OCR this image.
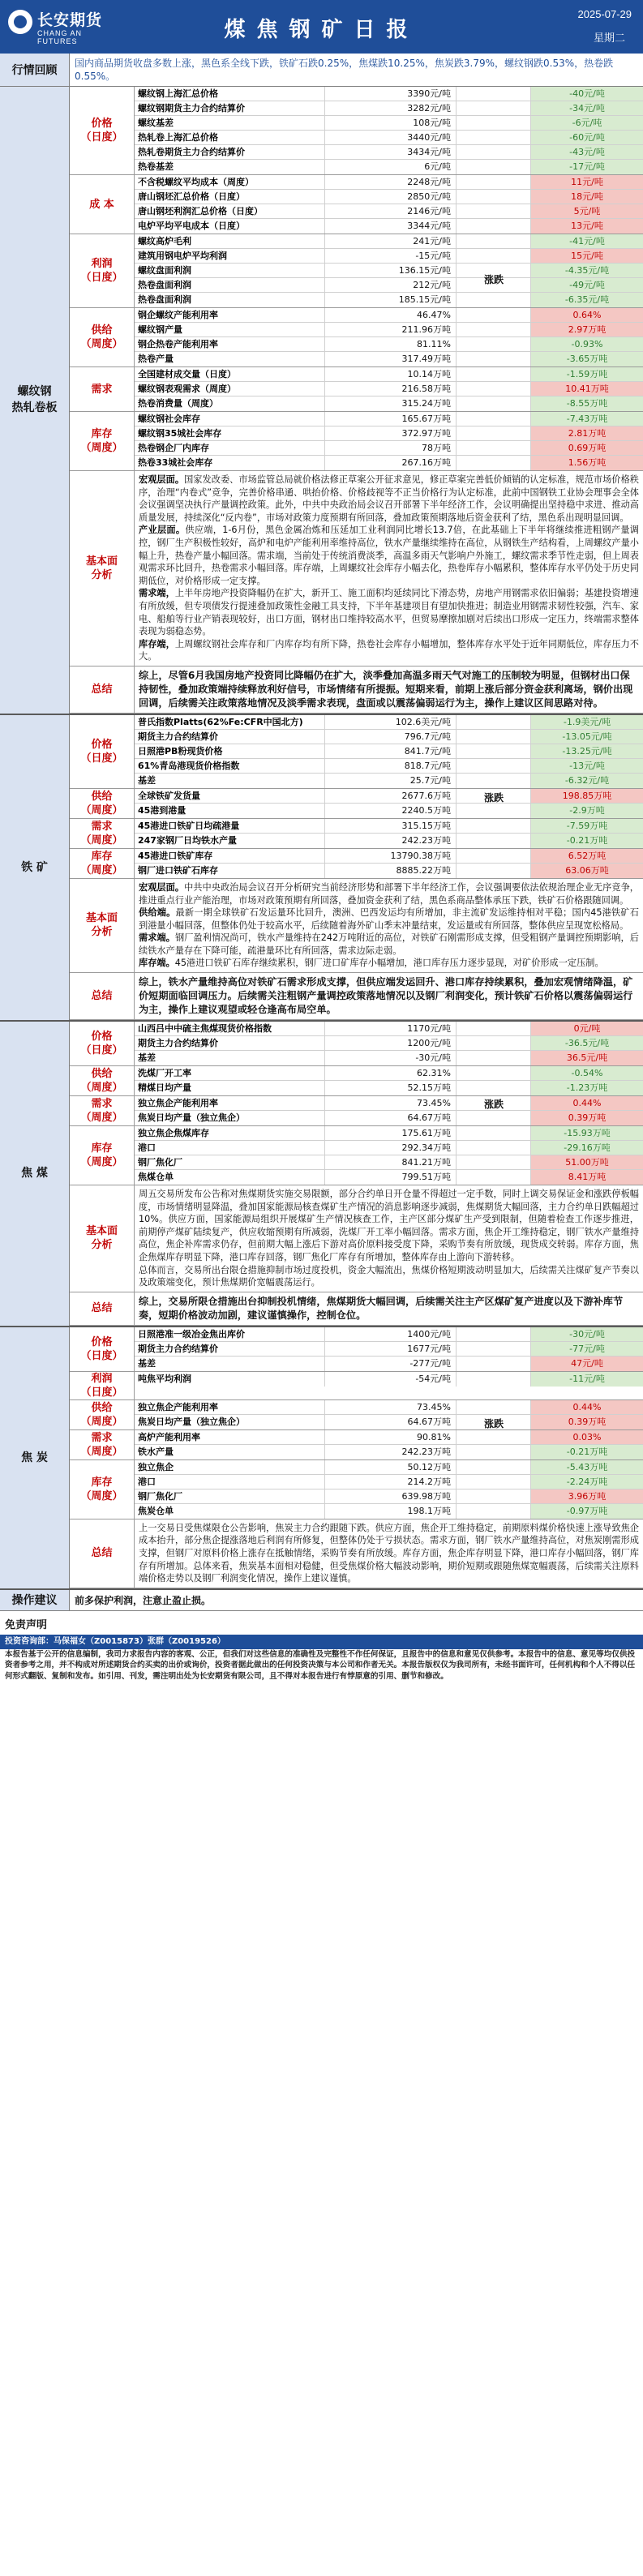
长安期货
CHANG AN FUTURES	煤焦钢矿日报
2025-07-29
星期二
行情回顾
国内商品期货收盘多数上涨，黑色系全线下跌，铁矿石跌0.25%，焦煤跌10.25%，焦炭跌3.79%，螺纹钢跌0.53%，热卷跌0.55%。
螺纹钢
热轧卷板
价格
（日度）
螺纹钢上海汇总价格	3390元/吨	-40元/吨
螺纹钢期货主力合约结算价	3282元/吨	-34元/吨
螺纹基差	108元/吨	-6元/吨
热轧卷上海汇总价格	3440元/吨	-60元/吨
热轧卷期货主力合约结算价	3434元/吨	-43元/吨
热卷基差	6元/吨	-17元/吨
成 本
不含税螺纹平均成本（周度）	2248元/吨	11元/吨
唐山钢坯汇总价格（日度）	2850元/吨	18元/吨
唐山钢坯利润汇总价格（日度）	2146元/吨	5元/吨
电炉平均平电成本（日度）	3344元/吨	13元/吨
利润
（日度）
螺纹高炉毛利	241元/吨	-41元/吨
建筑用钢电炉平均利润	-15元/吨	15元/吨
螺纹盘面利润	136.15元/吨	-4.35元/吨
热卷盘面利润	212元/吨	-49元/吨
热卷盘面利润	185.15元/吨	-6.35元/吨
供给
（周度）
钢企螺纹产能利用率	46.47%	0.64%
螺纹钢产量	211.96万吨	2.97万吨
钢企热卷产能利用率	81.11%	-0.93%
热卷产量	317.49万吨	-3.65万吨
需求
全国建材成交量（日度）	10.14万吨	-1.59万吨
螺纹钢表观需求（周度）	216.58万吨	10.41万吨
热卷消费量（周度）	315.24万吨	-8.55万吨
库存
（周度）
螺纹钢社会库存	165.67万吨	-7.43万吨
螺纹钢35城社会库存	372.97万吨	2.81万吨
热卷钢企厂内库存	78万吨	0.69万吨
热卷33城社会库存	267.16万吨	1.56万吨
涨跌
基本面
分析
宏观层面。国家发改委、市场监管总局就价格法修正草案公开征求意见，修正草案完善低价倾销的认定标准，规范市场价格秩序，治理“内卷式”竞争，完善价格串通、哄抬价格、价格歧视等不正当价格行为认定标准，此前中国钢铁工业协会理事会全体会议强调坚决执行产量调控政策。此外，中共中央政治局会议召开部署下半年经济工作，会议明确提出坚持稳中求进、推动高质量发展，持续深化“反内卷”，市场对政策力度预期有所回落，叠加政策预期落地后资金获利了结，黑色系出现明显回调。
产业层面。供应端，1-6月份，黑色金属冶炼和压延加工业利润同比增长13.7倍，在此基础上下半年将继续推进粗钢产量调控，钢厂生产积极性较好，高炉和电炉产能利用率维持高位，铁水产量继续维持在高位，从钢铁生产结构看，上周螺纹产量小幅上升，热卷产量小幅回落。需求端，当前处于传统消费淡季，高温多雨天气影响户外施工，螺纹需求季节性走弱，但上周表观需求环比回升，热卷需求小幅回落。库存端，上周螺纹社会库存小幅去化，热卷库存小幅累积，整体库存水平仍处于历史同期低位，对价格形成一定支撑。
需求端，上半年房地产投资降幅仍在扩大，新开工、施工面积均延续同比下滑态势，房地产用钢需求依旧偏弱；基建投资增速有所放缓，但专项债发行提速叠加政策性金融工具支持，下半年基建项目有望加快推进；制造业用钢需求韧性较强，汽车、家电、船舶等行业产销表现较好，出口方面，钢材出口维持较高水平，但贸易摩擦加剧对后续出口形成一定压力，终端需求整体表现为弱稳态势。
库存端，上周螺纹钢社会库存和厂内库存均有所下降，热卷社会库存小幅增加，整体库存水平处于近年同期低位，库存压力不大。
总结
综上，尽管6月我国房地产投资同比降幅仍在扩大，淡季叠加高温多雨天气对施工的压制较为明显，但钢材出口保持韧性，叠加政策端持续释放利好信号，市场情绪有所提振。短期来看，前期上涨后部分资金获利离场，钢价出现回调，后续需关注政策落地情况及淡季需求表现，盘面或以震荡偏弱运行为主，操作上建议区间思路对待。
铁 矿
价格
（日度）
普氏指数Platts(62%Fe:CFR中国北方)	102.6美元/吨	-1.9美元/吨
期货主力合约结算价	796.7元/吨	-13.05元/吨
日照港PB粉现货价格	841.7元/吨	-13.25元/吨
61%青岛港现货价格指数	818.7元/吨	-13元/吨
基差	25.7元/吨	-6.32元/吨
供给
（周度）
全球铁矿发货量	2677.6万吨	198.85万吨
45港到港量	2240.5万吨	-2.9万吨
需求
（周度）
45港进口铁矿日均疏港量	315.15万吨	-7.59万吨
247家钢厂日均铁水产量	242.23万吨	-0.21万吨
库存
（周度）
45港进口铁矿库存	13790.38万吨	6.52万吨
钢厂进口铁矿石库存	8885.22万吨	63.06万吨
涨跌
基本面
分析
宏观层面。中共中央政治局会议召开分析研究当前经济形势和部署下半年经济工作，会议强调要依法依规治理企业无序竞争，推进重点行业产能治理，市场对政策预期有所回落，叠加资金获利了结，黑色系商品整体承压下跌，铁矿石价格跟随回调。
供给端。最新一期全球铁矿石发运量环比回升，澳洲、巴西发运均有所增加，非主流矿发运维持相对平稳；国内45港铁矿石到港量小幅回落，但整体仍处于较高水平，后续随着海外矿山季末冲量结束，发运量或有所回落，整体供应呈现宽松格局。
需求端。钢厂盈利情况尚可，铁水产量维持在242万吨附近的高位，对铁矿石刚需形成支撑，但受粗钢产量调控预期影响，后续铁水产量存在下降可能，疏港量环比有所回落，需求边际走弱。
库存端。45港进口铁矿石库存继续累积，钢厂进口矿库存小幅增加，港口库存压力逐步显现，对矿价形成一定压制。
总结
综上，铁水产量维持高位对铁矿石需求形成支撑，但供应端发运回升、港口库存持续累积，叠加宏观情绪降温，矿价短期面临回调压力。后续需关注粗钢产量调控政策落地情况以及钢厂利润变化，预计铁矿石价格以震荡偏弱运行为主，操作上建议观望或轻仓逢高布局空单。
焦 煤
价格
（日度）
山西吕中中硫主焦煤现货价格指数	1170元/吨	0元/吨
期货主力合约结算价	1200元/吨	-36.5元/吨
基差	-30元/吨	36.5元/吨
供给
（周度）
洗煤厂开工率	62.31%	-0.54%
精煤日均产量	52.15万吨	-1.23万吨
需求
（周度）
独立焦企产能利用率	73.45%	0.44%
焦炭日均产量（独立焦企）	64.67万吨	0.39万吨
库存
（周度）
独立焦企焦煤库存	175.61万吨	-15.93万吨
港口	292.34万吨	-29.16万吨
钢厂焦化厂	841.21万吨	51.00万吨
焦煤仓单	799.51万吨	8.41万吨
涨跌
基本面
分析
周五交易所发布公告称对焦煤期货实施交易限额，部分合约单日开仓量不得超过一定手数，同时上调交易保证金和涨跌停板幅度，市场情绪明显降温，叠加国家能源局核查煤矿生产情况的消息影响逐步减弱，焦煤期货大幅回落，主力合约单日跌幅超过10%。供应方面，国家能源局组织开展煤矿生产情况核查工作，主产区部分煤矿生产受到限制，但随着检查工作逐步推进，前期停产煤矿陆续复产，供应收缩预期有所减弱，洗煤厂开工率小幅回落。需求方面，焦企开工维持稳定，钢厂铁水产量维持高位，焦企补库需求仍存，但前期大幅上涨后下游对高价原料接受度下降，采购节奏有所放缓，现货成交转弱。库存方面，焦企焦煤库存明显下降，港口库存回落，钢厂焦化厂库存有所增加，整体库存由上游向下游转移。
总体而言，交易所出台限仓措施抑制市场过度投机，资金大幅流出，焦煤价格短期波动明显加大，后续需关注煤矿复产节奏以及政策端变化，预计焦煤期价宽幅震荡运行。
总结
综上，交易所限仓措施出台抑制投机情绪，焦煤期货大幅回调，后续需关注主产区煤矿复产进度以及下游补库节奏，短期价格波动加剧，建议谨慎操作，控制仓位。
焦 炭
价格
（日度）
日照港准一级冶金焦出库价	1400元/吨	-30元/吨
期货主力合约结算价	1677元/吨	-77元/吨
基差	-277元/吨	47元/吨
利润
（日度）
吨焦平均利润	-54元/吨	-11元/吨
供给
（周度）
独立焦企产能利用率	73.45%	0.44%
焦炭日均产量（独立焦企）	64.67万吨	0.39万吨
需求
（周度）
高炉产能利用率	90.81%	0.03%
铁水产量	242.23万吨	-0.21万吨
库存
（周度）
独立焦企	50.12万吨	-5.43万吨
港口	214.2万吨	-2.24万吨
钢厂焦化厂	639.98万吨	3.96万吨
焦炭仓单	198.1万吨	-0.97万吨
涨跌
总结
上一交易日受焦煤限仓公告影响，焦炭主力合约跟随下跌。供应方面，焦企开工维持稳定，前期原料煤价格快速上涨导致焦企成本抬升，部分焦企提涨落地后利润有所修复，但整体仍处于亏损状态。需求方面，钢厂铁水产量维持高位，对焦炭刚需形成支撑，但钢厂对原料价格上涨存在抵触情绪，采购节奏有所放缓。库存方面，焦企库存明显下降，港口库存小幅回落，钢厂库存有所增加。总体来看，焦炭基本面相对稳健，但受焦煤价格大幅波动影响，期价短期或跟随焦煤宽幅震荡，后续需关注原料端价格走势以及钢厂利润变化情况，操作上建议谨慎。
操作建议	前多保护利润，注意止盈止损。
免责声明
投资咨询部：马保福女（Z0015873）张群（Z0019526）
本报告基于公开的信息编制，我司力求报告内容的客观、公正，但我们对这些信息的准确性及完整性不作任何保证，且报告中的信息和意见仅供参考。本报告中的信息、意见等均仅供投资者参考之用，并不构成对所述期货合约买卖的出价或询价，投资者据此做出的任何投资决策与本公司和作者无关。本报告版权仅为我司所有，未经书面许可，任何机构和个人不得以任何形式翻版、复制和发布。如引用、刊发，需注明出处为长安期货有限公司，且不得对本报告进行有悖原意的引用、删节和修改。
